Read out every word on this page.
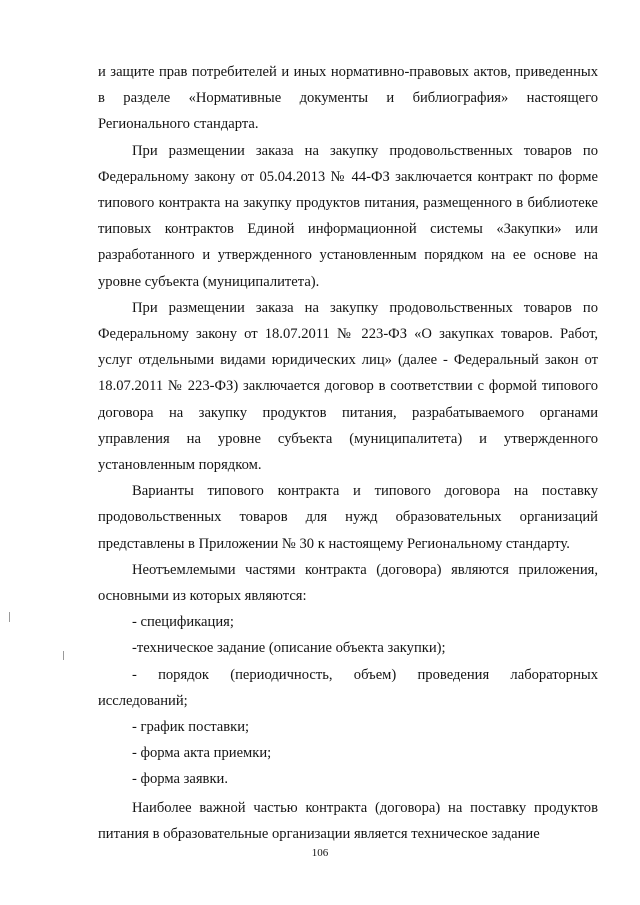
и защите прав потребителей и иных нормативно-правовых актов, приведенных в разделе «Нормативные документы и библиография» настоящего Регионального стандарта.

При размещении заказа на закупку продовольственных товаров по Федеральному закону от 05.04.2013 № 44-ФЗ заключается контракт по форме типового контракта на закупку продуктов питания, размещенного в библиотеке типовых контрактов Единой информационной системы «Закупки» или разработанного и утвержденного установленным порядком на ее основе на уровне субъекта (муниципалитета).

При размещении заказа на закупку продовольственных товаров по Федеральному закону от 18.07.2011 № 223-ФЗ «О закупках товаров. Работ, услуг отдельными видами юридических лиц» (далее - Федеральный закон от 18.07.2011 № 223-ФЗ) заключается договор в соответствии с формой типового договора на закупку продуктов питания, разрабатываемого органами управления на уровне субъекта (муниципалитета) и утвержденного установленным порядком.

Варианты типового контракта и типового договора на поставку продовольственных товаров для нужд образовательных организаций представлены в Приложении № 30 к настоящему Региональному стандарту.

Неотъемлемыми частями контракта (договора) являются приложения, основными из которых являются:

- спецификация;

-техническое задание (описание объекта закупки);

- порядок (периодичность, объем) проведения лабораторных исследований;

- график поставки;

- форма акта приемки;

- форма заявки.

Наиболее важной частью контракта (договора) на поставку продуктов питания в образовательные организации является техническое задание

106
